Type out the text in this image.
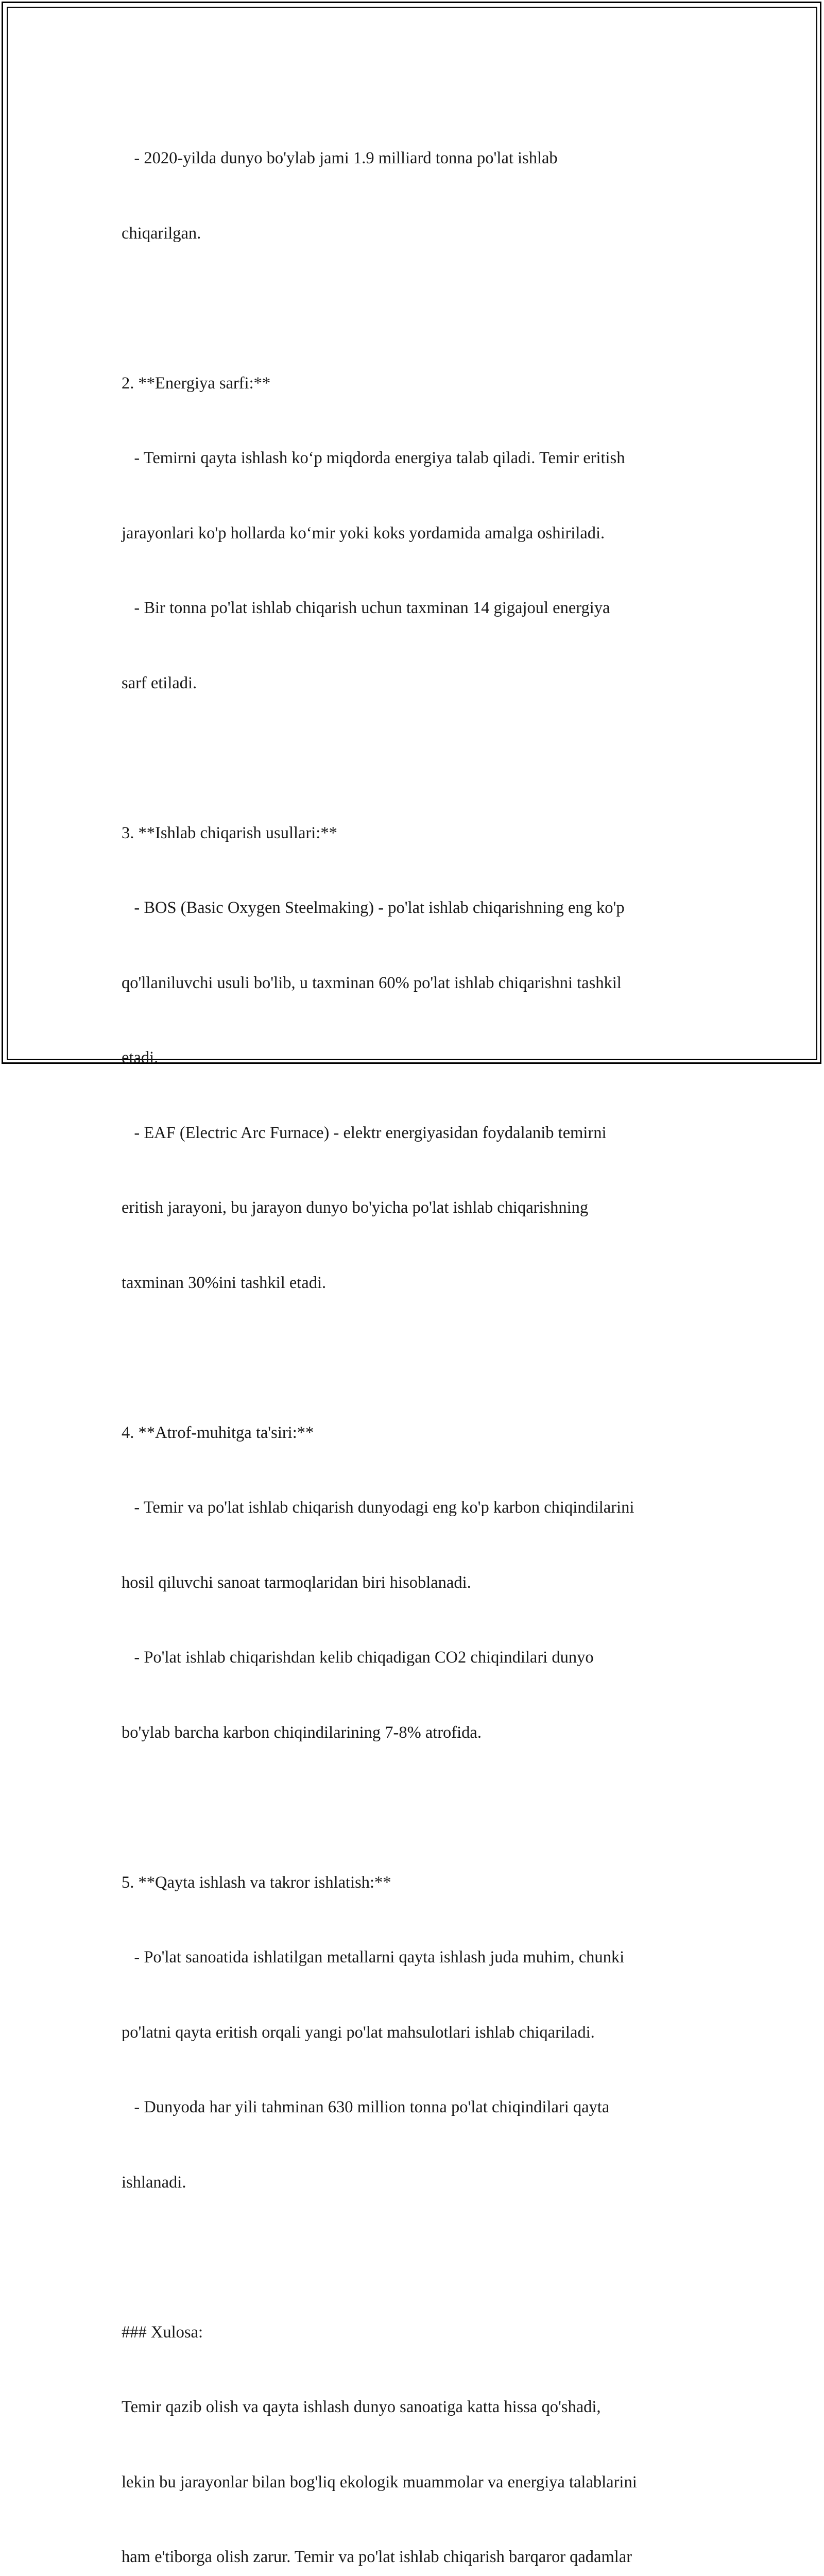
- 2020-yilda dunyo bo'ylab jami 1.9 milliard tonna po'lat ishlab

chiqarilgan.

2. **Energiya sarfi:**

- Temirni qayta ishlash koʻp miqdorda energiya talab qiladi. Temir eritish

jarayonlari ko'p hollarda koʻmir yoki koks yordamida amalga oshiriladi.

- Bir tonna po'lat ishlab chiqarish uchun taxminan 14 gigajoul energiya

sarf etiladi.

3. **Ishlab chiqarish usullari:**

- BOS (Basic Oxygen Steelmaking) - po'lat ishlab chiqarishning eng ko'p

qo'llaniluvchi usuli bo'lib, u taxminan 60% po'lat ishlab chiqarishni tashkil

etadi.

- EAF (Electric Arc Furnace) - elektr energiyasidan foydalanib temirni

eritish jarayoni, bu jarayon dunyo bo'yicha po'lat ishlab chiqarishning

taxminan 30%ini tashkil etadi.

4. **Atrof-muhitga ta'siri:**

- Temir va po'lat ishlab chiqarish dunyodagi eng ko'p karbon chiqindilarini

hosil qiluvchi sanoat tarmoqlaridan biri hisoblanadi.

- Po'lat ishlab chiqarishdan kelib chiqadigan CO2 chiqindilari dunyo

bo'ylab barcha karbon chiqindilarining 7-8% atrofida.

5. **Qayta ishlash va takror ishlatish:**

- Po'lat sanoatida ishlatilgan metallarni qayta ishlash juda muhim, chunki

po'latni qayta eritish orqali yangi po'lat mahsulotlari ishlab chiqariladi.

- Dunyoda har yili tahminan 630 million tonna po'lat chiqindilari qayta

ishlanadi.

### Xulosa:

Temir qazib olish va qayta ishlash dunyo sanoatiga katta hissa qo'shadi,

lekin bu jarayonlar bilan bog'liq ekologik muammolar va energiya talablarini

ham e'tiborga olish zarur. Temir va po'lat ishlab chiqarish barqaror qadamlar
